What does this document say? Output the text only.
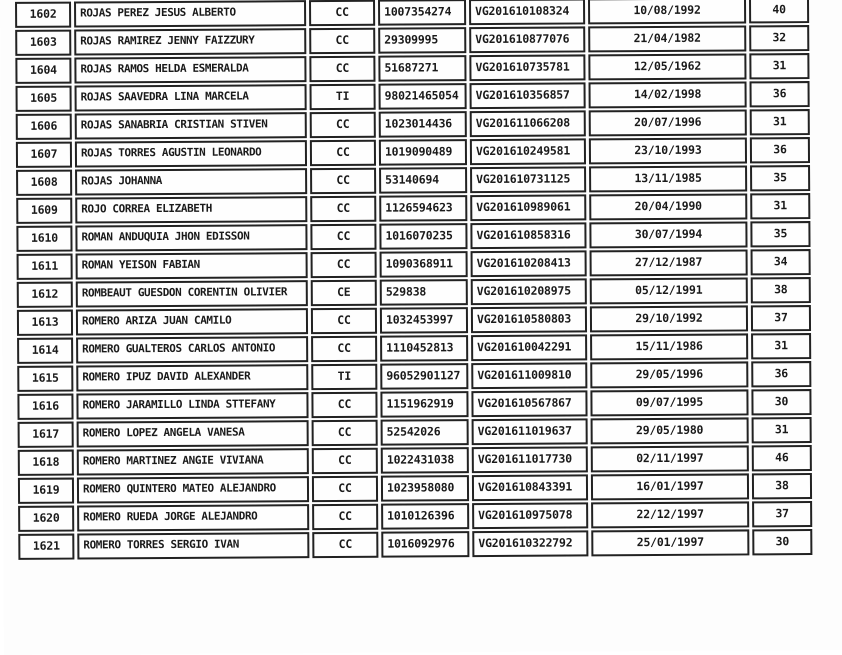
1602	ROJAS PEREZ JESUS ALBERTO	CC	1007354274	VG201610108324	10/08/1992	40
1603	ROJAS RAMIREZ JENNY FAIZZURY	CC	29309995	VG201610877076	21/04/1982	32
1604	ROJAS RAMOS HELDA ESMERALDA	CC	51687271	VG201610735781	12/05/1962	31
1605	ROJAS SAAVEDRA LINA MARCELA	TI	98021465054	VG201610356857	14/02/1998	36
1606	ROJAS SANABRIA CRISTIAN STIVEN	CC	1023014436	VG201611066208	20/07/1996	31
1607	ROJAS TORRES AGUSTIN LEONARDO	CC	1019090489	VG201610249581	23/10/1993	36
1608	ROJAS JOHANNA	CC	53140694	VG201610731125	13/11/1985	35
1609	ROJO CORREA ELIZABETH	CC	1126594623	VG201610989061	20/04/1990	31
1610	ROMAN ANDUQUIA JHON EDISSON	CC	1016070235	VG201610858316	30/07/1994	35
1611	ROMAN YEISON FABIAN	CC	1090368911	VG201610208413	27/12/1987	34
1612	ROMBEAUT GUESDON CORENTIN OLIVIER	CE	529838	VG201610208975	05/12/1991	38
1613	ROMERO ARIZA JUAN CAMILO	CC	1032453997	VG201610580803	29/10/1992	37
1614	ROMERO GUALTEROS CARLOS ANTONIO	CC	1110452813	VG201610042291	15/11/1986	31
1615	ROMERO IPUZ DAVID ALEXANDER	TI	96052901127	VG201611009810	29/05/1996	36
1616	ROMERO JARAMILLO LINDA STTEFANY	CC	1151962919	VG201610567867	09/07/1995	30
1617	ROMERO LOPEZ ANGELA VANESA	CC	52542026	VG201611019637	29/05/1980	31
1618	ROMERO MARTINEZ ANGIE VIVIANA	CC	1022431038	VG201611017730	02/11/1997	46
1619	ROMERO QUINTERO MATEO ALEJANDRO	CC	1023958080	VG201610843391	16/01/1997	38
1620	ROMERO RUEDA JORGE ALEJANDRO	CC	1010126396	VG201610975078	22/12/1997	37
1621	ROMERO TORRES SERGIO IVAN	CC	1016092976	VG201610322792	25/01/1997	30
